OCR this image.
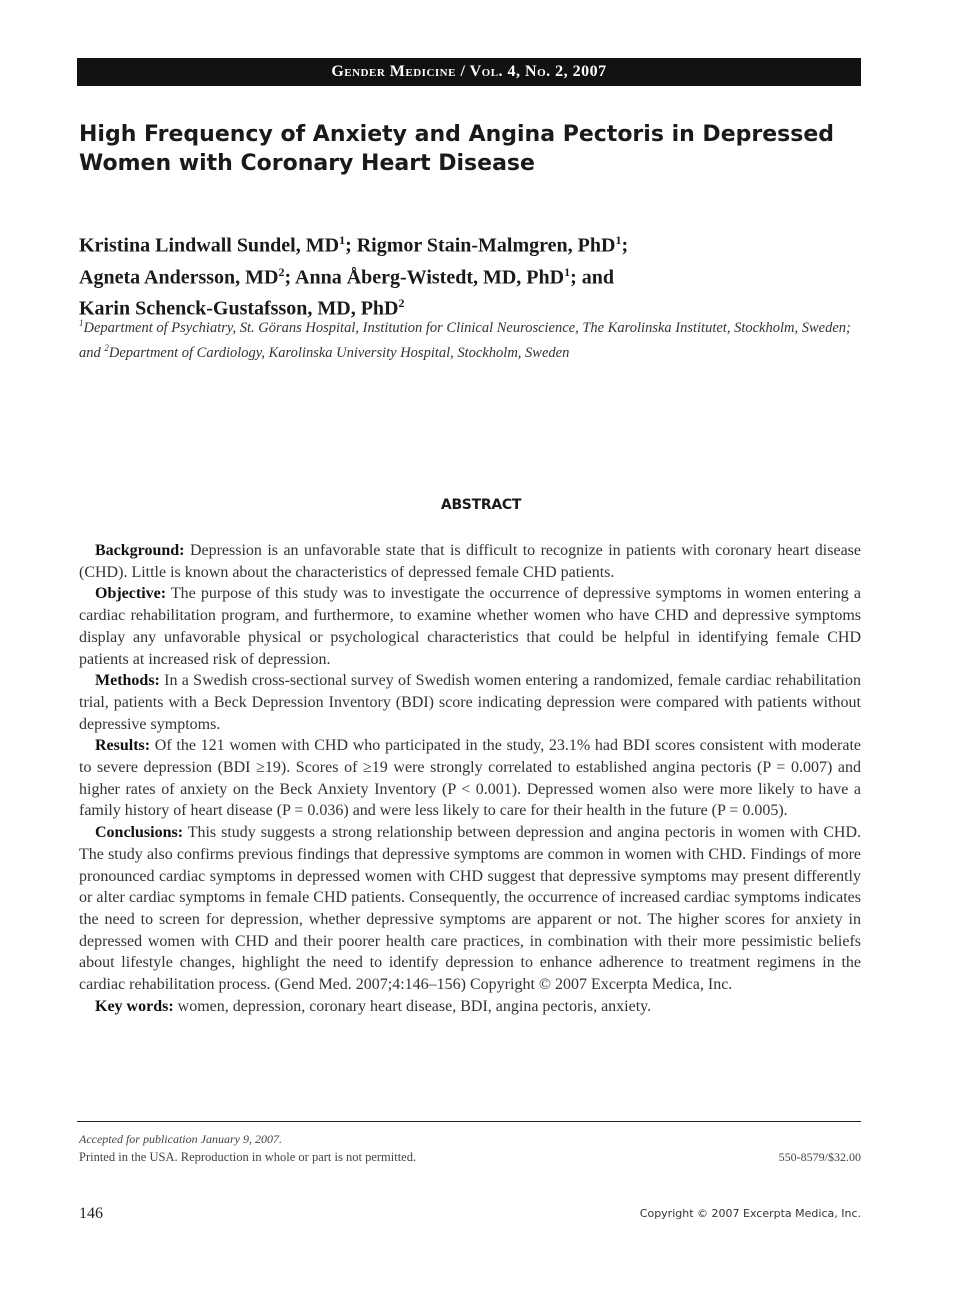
Gender Medicine / Vol. 4, No. 2, 2007
High Frequency of Anxiety and Angina Pectoris in Depressed Women with Coronary Heart Disease
Kristina Lindwall Sundel, $MD^1$; Rigmor Stain-Malmgren, PhD$^1$;
Agneta Andersson, $MD^2$; Anna Åberg-Wistedt, MD, PhD$^1$; and
Karin Schenck-Gustafsson, MD, PhD$^2$
$^1$Department of Psychiatry, St. Görans Hospital, Institution for Clinical Neuroscience, The Karolinska Institutet, Stockholm, Sweden; and $^2$Department of Cardiology, Karolinska University Hospital, Stockholm, Sweden
ABSTRACT

Background: Depression is an unfavorable state that is difficult to recognize in patients with coronary heart disease (CHD). Little is known about the characteristics of depressed female CHD patients.

Objective: The purpose of this study was to investigate the occurrence of depressive symptoms in women entering a cardiac rehabilitation program, and furthermore, to examine whether women who have CHD and depressive symptoms display any unfavorable physical or psychological characteristics that could be helpful in identifying female CHD patients at increased risk of depression.

Methods: In a Swedish cross-sectional survey of Swedish women entering a randomized, female cardiac rehabilitation trial, patients with a Beck Depression Inventory (BDI) score indicating depression were compared with patients without depressive symptoms.

Results: Of the 121 women with CHD who participated in the study, 23.1% had BDI scores consistent with moderate to severe depression (BDI ≥19). Scores of ≥19 were strongly correlated to established angina pectoris (P = 0.007) and higher rates of anxiety on the Beck Anxiety Inventory (P < 0.001). Depressed women also were more likely to have a family history of heart disease (P = 0.036) and were less likely to care for their health in the future (P = 0.005).

Conclusions: This study suggests a strong relationship between depression and angina pectoris in women with CHD. The study also confirms previous findings that depressive symptoms are common in women with CHD. Findings of more pronounced cardiac symptoms in depressed women with CHD suggest that depressive symptoms may present differently or alter cardiac symptoms in female CHD patients. Consequently, the occurrence of increased cardiac symptoms indicates the need to screen for depression, whether depressive symptoms are apparent or not. The higher scores for anxiety in depressed women with CHD and their poorer health care practices, in combination with their more pessimistic beliefs about lifestyle changes, highlight the need to identify depression to enhance adherence to treatment regimens in the cardiac rehabilitation process. (Gend Med. 2007;4:146–156) Copyright © 2007 Excerpta Medica, Inc.

Key words: women, depression, coronary heart disease, BDI, angina pectoris, anxiety.

Accepted for publication January 9, 2007.
Printed in the USA. Reproduction in whole or part is not permitted.	550-8579/$32.00
146	Copyright © 2007 Excerpta Medica, Inc.
